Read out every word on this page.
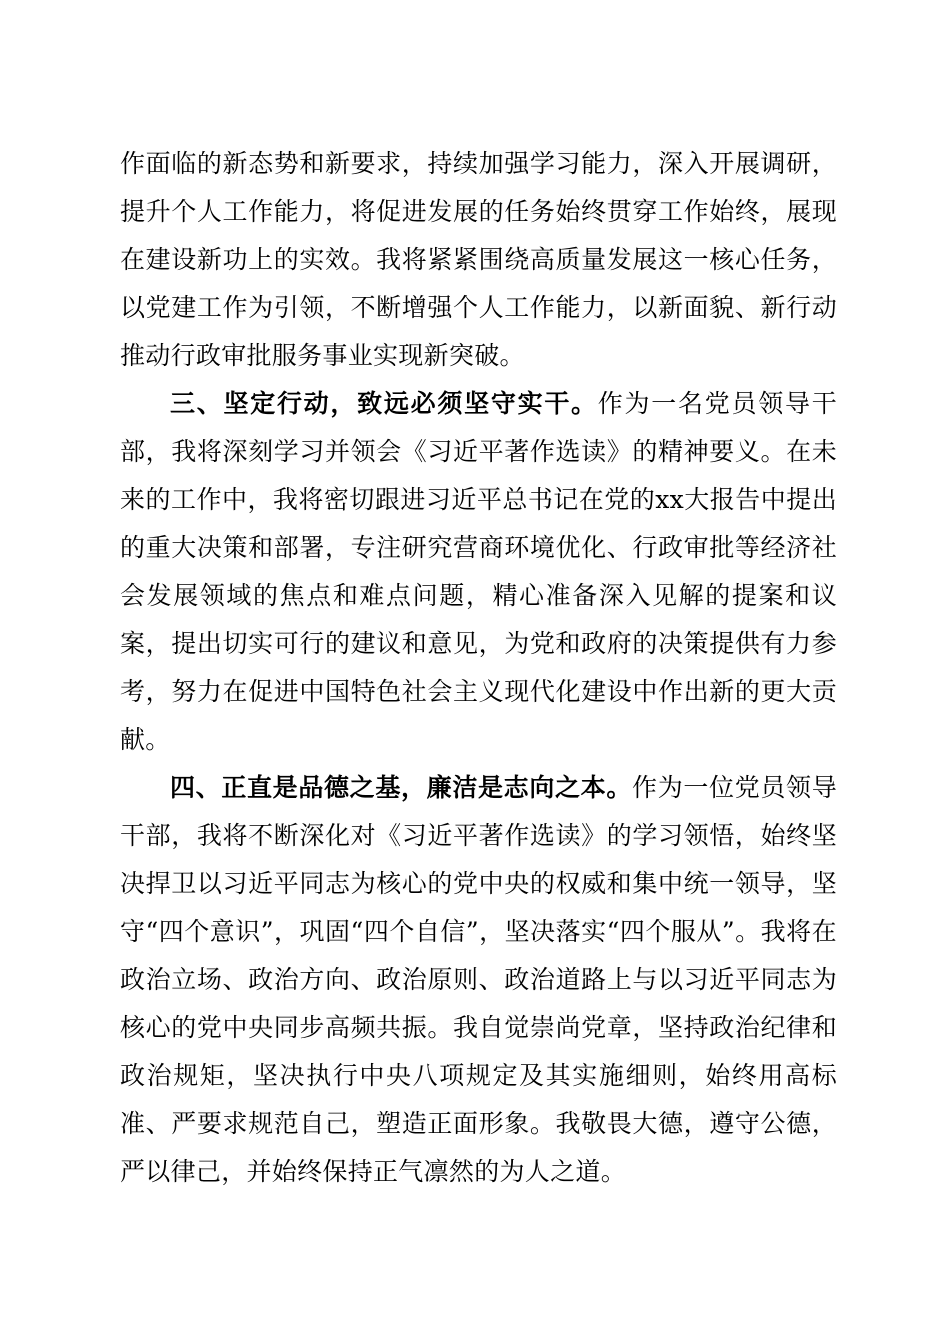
作面临的新态势和新要求，持续加强学习能力，深入开展调研，提升个人工作能力，将促进发展的任务始终贯穿工作始终，展现在建设新功上的实效。我将紧紧围绕高质量发展这一核心任务，以党建工作为引领，不断增强个人工作能力，以新面貌、新行动推动行政审批服务事业实现新突破。

三、坚定行动，致远必须坚守实干。作为一名党员领导干部，我将深刻学习并领会《习近平著作选读》的精神要义。在未来的工作中，我将密切跟进习近平总书记在党的xx大报告中提出的重大决策和部署，专注研究营商环境优化、行政审批等经济社会发展领域的焦点和难点问题，精心准备深入见解的提案和议案，提出切实可行的建议和意见，为党和政府的决策提供有力参考，努力在促进中国特色社会主义现代化建设中作出新的更大贡献。

四、正直是品德之基，廉洁是志向之本。作为一位党员领导干部，我将不断深化对《习近平著作选读》的学习领悟，始终坚决捍卫以习近平同志为核心的党中央的权威和集中统一领导，坚守“四个意识”，巩固“四个自信”，坚决落实“四个服从”。我将在政治立场、政治方向、政治原则、政治道路上与以习近平同志为核心的党中央同步高频共振。我自觉崇尚党章，坚持政治纪律和政治规矩，坚决执行中央八项规定及其实施细则，始终用高标准、严要求规范自己，塑造正面形象。我敬畏大德，遵守公德，严以律己，并始终保持正气凛然的为人之道。
